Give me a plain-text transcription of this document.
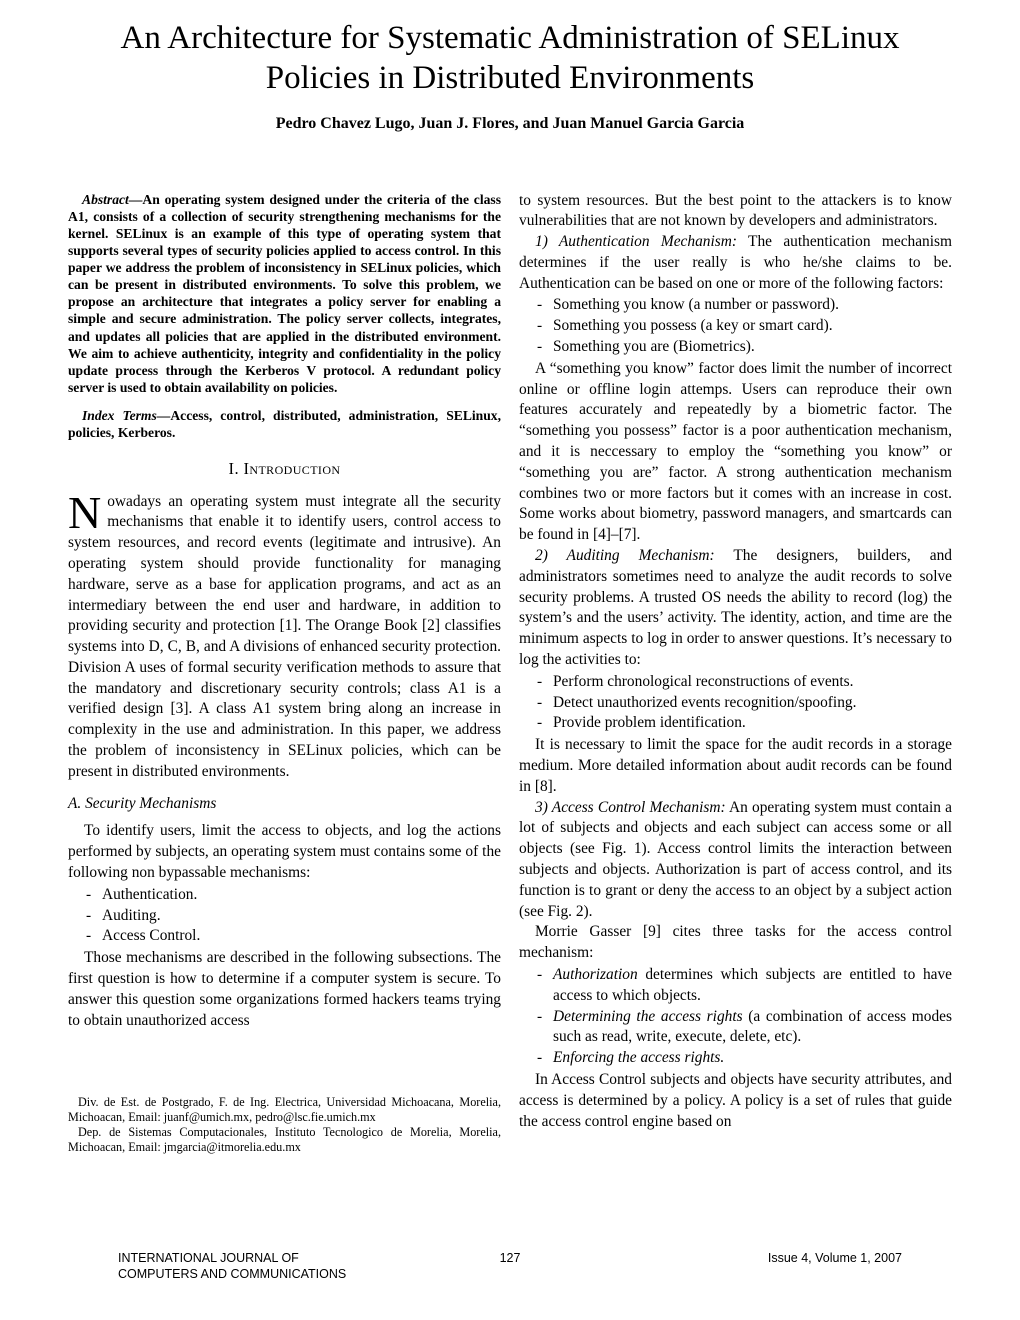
An Architecture for Systematic Administration of SELinux Policies in Distributed Environments
Pedro Chavez Lugo, Juan J. Flores, and Juan Manuel Garcia Garcia

Abstract—An operating system designed under the criteria of the class A1, consists of a collection of security strengthening mechanisms for the kernel. SELinux is an example of this type of operating system that supports several types of security policies applied to access control. In this paper we address the problem of inconsistency in SELinux policies, which can be present in distributed environments. To solve this problem, we propose an architecture that integrates a policy server for enabling a simple and secure administration. The policy server collects, integrates, and updates all policies that are applied in the distributed environment. We aim to achieve authenticity, integrity and confidentiality in the policy update process through the Kerberos V protocol. A redundant policy server is used to obtain availability on policies.

Index Terms—Access, control, distributed, administration, SELinux, policies, Kerberos.

I. Introduction

Nowadays an operating system must integrate all the security mechanisms that enable it to identify users, control access to system resources, and record events (legitimate and intrusive). An operating system should provide functionality for managing hardware, serve as a base for application programs, and act as an intermediary between the end user and hardware, in addition to providing security and protection [1]. The Orange Book [2] classifies systems into D, C, B, and A divisions of enhanced security protection. Division A uses of formal security verification methods to assure that the mandatory and discretionary security controls; class A1 is a verified design [3]. A class A1 system bring along an increase in complexity in the use and administration. In this paper, we address the problem of inconsistency in SELinux policies, which can be present in distributed environments.

A. Security Mechanisms

To identify users, limit the access to objects, and log the actions performed by subjects, an operating system must contains some of the following non bypassable mechanisms:

- Authentication.
- Auditing.
- Access Control.

Those mechanisms are described in the following subsections. The first question is how to determine if a computer system is secure. To answer this question some organizations formed hackers teams trying to obtain unauthorized access

Div. de Est. de Postgrado, F. de Ing. Electrica, Universidad Michoacana, Morelia, Michoacan, Email: juanf@umich.mx, pedro@lsc.fie.umich.mx

Dep. de Sistemas Computacionales, Instituto Tecnologico de Morelia, Morelia, Michoacan, Email: jmgarcia@itmorelia.edu.mx

to system resources. But the best point to the attackers is to know vulnerabilities that are not known by developers and administrators.

1) Authentication Mechanism: The authentication mechanism determines if the user really is who he/she claims to be. Authentication can be based on one or more of the following factors:

- Something you know (a number or password).
- Something you possess (a key or smart card).
- Something you are (Biometrics).

A “something you know” factor does limit the number of incorrect online or offline login attemps. Users can reproduce their own features accurately and repeatedly by a biometric factor. The “something you possess” factor is a poor authentication mechanism, and it is neccessary to employ the “something you know” or “something you are” factor. A strong authentication mechanism combines two or more factors but it comes with an increase in cost. Some works about biometry, password managers, and smartcards can be found in [4]–[7].

2) Auditing Mechanism: The designers, builders, and administrators sometimes need to analyze the audit records to solve security problems. A trusted OS needs the ability to record (log) the system’s and the users’ activity. The identity, action, and time are the minimum aspects to log in order to answer questions. It’s necessary to log the activities to:

- Perform chronological reconstructions of events.
- Detect unauthorized events recognition/spoofing.
- Provide problem identification.

It is necessary to limit the space for the audit records in a storage medium. More detailed information about audit records can be found in [8].

3) Access Control Mechanism: An operating system must contain a lot of subjects and objects and each subject can access some or all objects (see Fig. 1). Access control limits the interaction between subjects and objects. Authorization is part of access control, and its function is to grant or deny the access to an object by a subject action (see Fig. 2).

Morrie Gasser [9] cites three tasks for the access control mechanism:

- Authorization determines which subjects are entitled to have access to which objects.
- Determining the access rights (a combination of access modes such as read, write, execute, delete, etc).
- Enforcing the access rights.

In Access Control subjects and objects have security attributes, and access is determined by a policy. A policy is a set of rules that guide the access control engine based on

INTERNATIONAL JOURNAL OF
COMPUTERS AND COMMUNICATIONS
127	Issue 4, Volume 1, 2007
